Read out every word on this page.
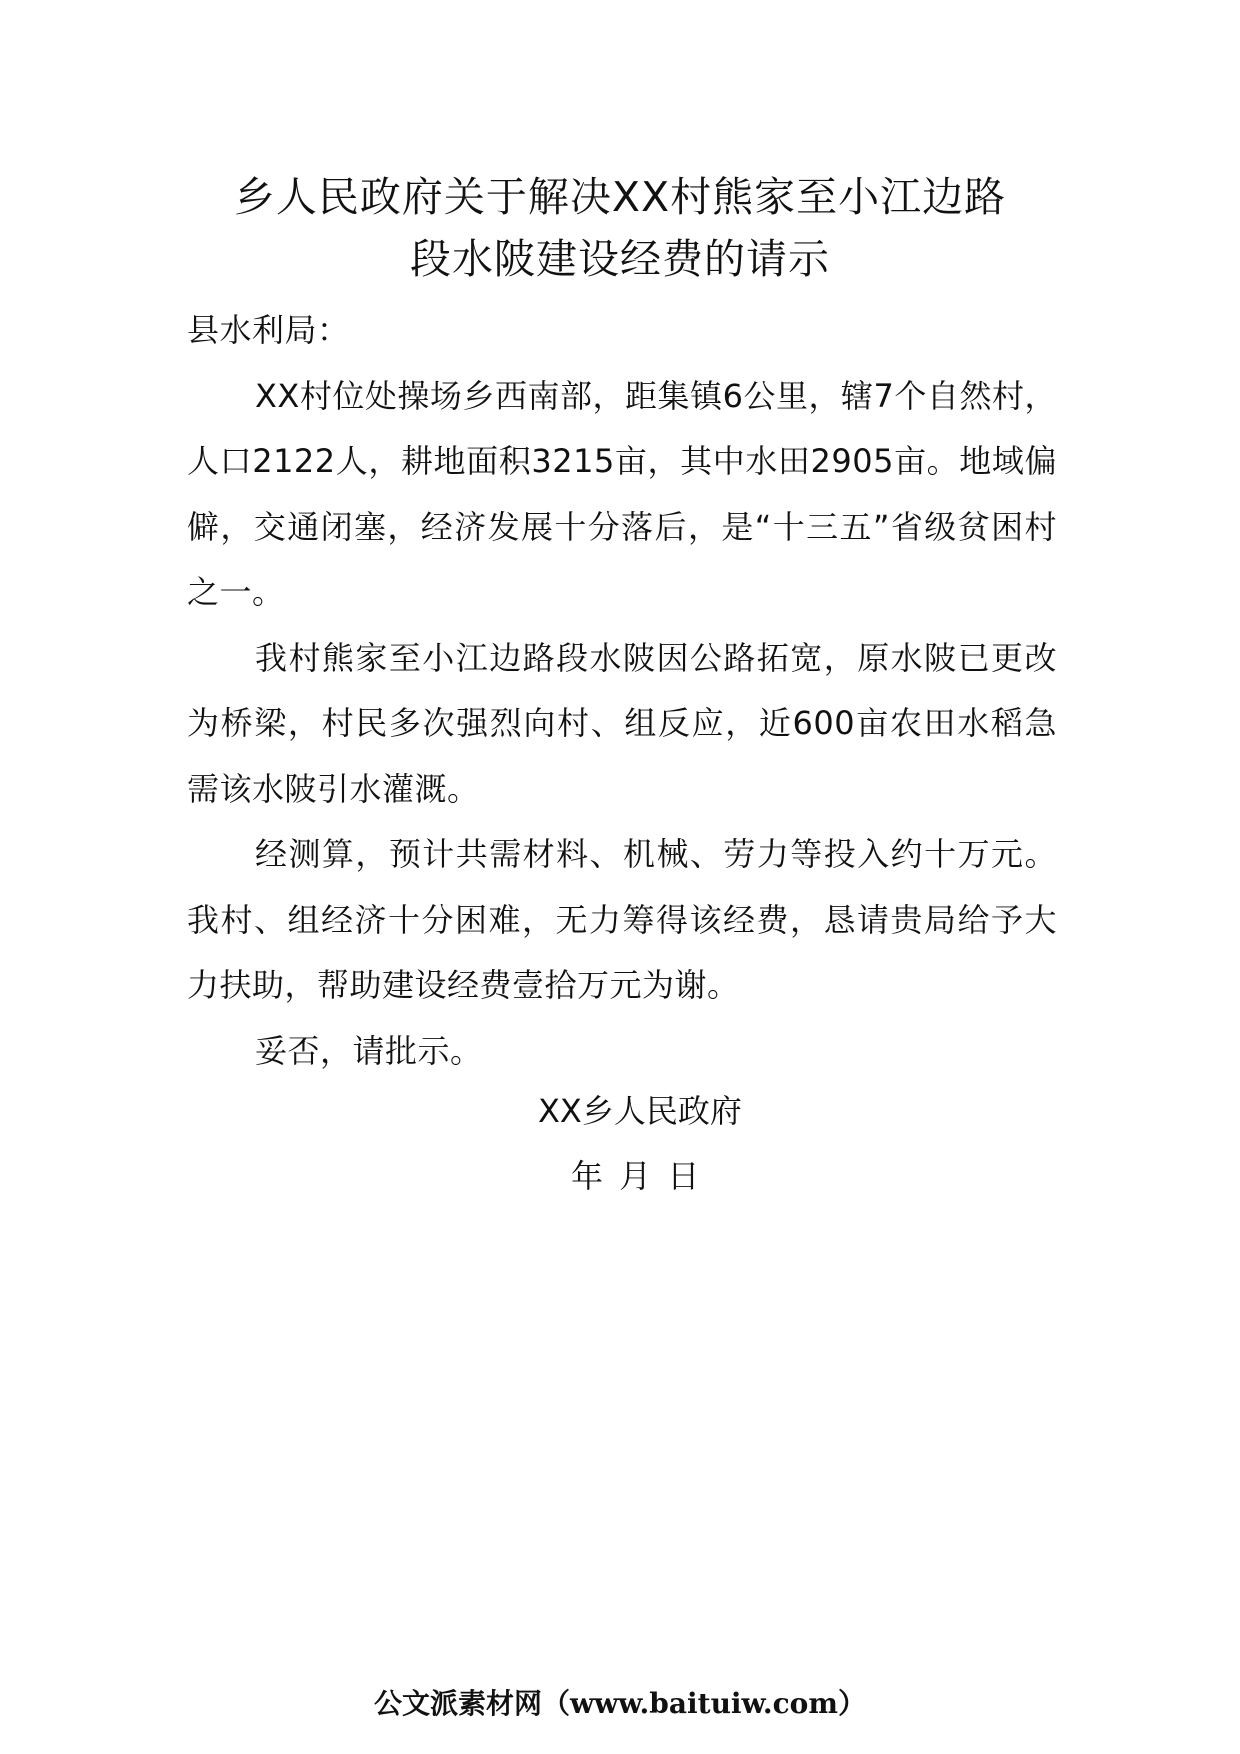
乡人民政府关于解决XX村熊家至小江边路
段水陂建设经费的请示

县水利局：

XX村位处操场乡西南部，距集镇6公里，辖7个自然村，人口2122人，耕地面积3215亩，其中水田2905亩。地域偏僻，交通闭塞，经济发展十分落后，是“十三五”省级贫困村之一。

我村熊家至小江边路段水陂因公路拓宽，原水陂已更改为桥梁，村民多次强烈向村、组反应，近600亩农田水稻急需该水陂引水灌溉。

经测算，预计共需材料、机械、劳力等投入约十万元。我村、组经济十分困难，无力筹得该经费，恳请贵局给予大力扶助，帮助建设经费壹拾万元为谢。

妥否，请批示。

XX乡人民政府
年 月 日
公文派素材网（www.baituiw.com）
